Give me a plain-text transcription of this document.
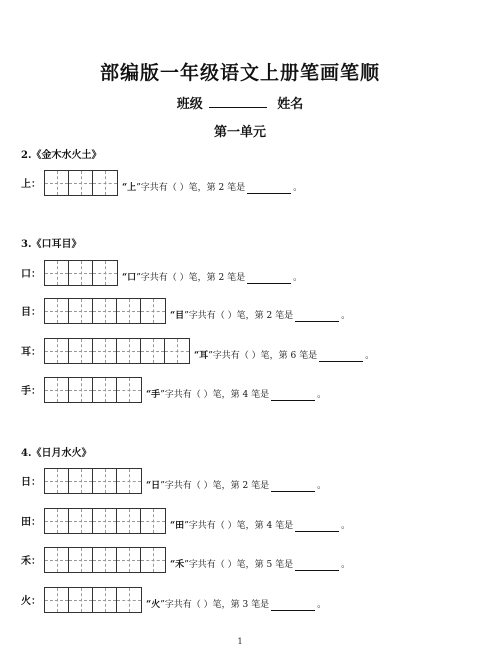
部编版一年级语文上册笔画笔顺
班级	姓名
第一单元
2.《金木水火土》
上：	“上”字共有（ ）笔，第 2 笔是	。
3.《口耳目》
口：	“口”字共有（ ）笔，第 2 笔是	。
目：	“目”字共有（ ）笔，第 2 笔是	。
耳：	“耳”字共有（ ）笔，第 6 笔是	。
手：	“手”字共有（ ）笔，第 4 笔是	。
4.《日月水火》
日：	“日”字共有（ ）笔，第 2 笔是	。
田：	“田”字共有（ ）笔，第 4 笔是	。
禾：	“禾”字共有（ ）笔，第 5 笔是	。
火：	“火”字共有（ ）笔，第 3 笔是	。
1
